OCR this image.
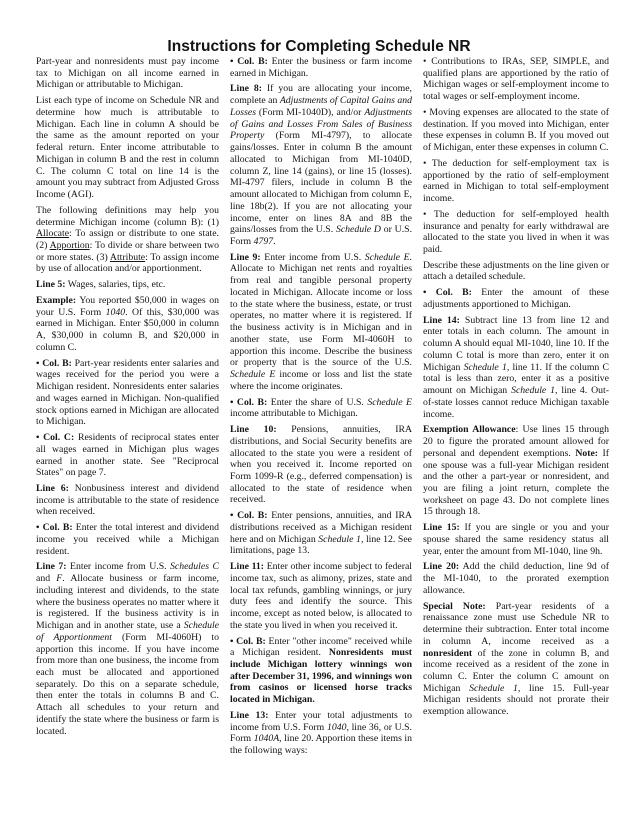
Instructions for Completing Schedule NR

Part-year and nonresidents must pay income tax to Michigan on all income earned in Michigan or attributable to Michigan.

List each type of income on Schedule NR and determine how much is attributable to Michigan. Each line in column A should be the same as the amount reported on your federal return. Enter income attributable to Michigan in column B and the rest in column C. The column C total on line 14 is the amount you may subtract from Adjusted Gross Income (AGI).

The following definitions may help you determine Michigan income (column B): (1) Allocate: To assign or distribute to one state. (2) Apportion: To divide or share between two or more states. (3) Attribute: To assign income by use of allocation and/or apportionment.

Line 5: Wages, salaries, tips, etc.

Example: You reported $50,000 in wages on your U.S. Form 1040. Of this, $30,000 was earned in Michigan. Enter $50,000 in column A, $30,000 in column B, and $20,000 in column C.

• Col. B: Part-year residents enter salaries and wages received for the period you were a Michigan resident. Nonresidents enter salaries and wages earned in Michigan. Non-qualified stock options earned in Michigan are allocated to Michigan.

• Col. C: Residents of reciprocal states enter all wages earned in Michigan plus wages earned in another state. See "Reciprocal States" on page 7.

Line 6: Nonbusiness interest and dividend income is attributable to the state of residence when received.

• Col. B: Enter the total interest and dividend income you received while a Michigan resident.

Line 7: Enter income from U.S. Schedules C and F. Allocate business or farm income, including interest and dividends, to the state where the business operates no matter where it is registered. If the business activity is in Michigan and in another state, use a Schedule of Apportionment (Form MI-4060H) to apportion this income. If you have income from more than one business, the income from each must be allocated and apportioned separately. Do this on a separate schedule, then enter the totals in columns B and C. Attach all schedules to your return and identify the state where the business or farm is located.

• Col. B: Enter the business or farm income earned in Michigan.

Line 8: If you are allocating your income, complete an Adjustments of Capital Gains and Losses (Form MI-1040D), and/or Adjustments of Gains and Losses From Sales of Business Property (Form MI-4797), to allocate gains/losses. Enter in column B the amount allocated to Michigan from MI-1040D, column Z, line 14 (gains), or line 15 (losses). MI-4797 filers, include in column B the amount allocated to Michigan from column E, line 18b(2). If you are not allocating your income, enter on lines 8A and 8B the gains/losses from the U.S. Schedule D or U.S. Form 4797.

Line 9: Enter income from U.S. Schedule E. Allocate to Michigan net rents and royalties from real and tangible personal property located in Michigan. Allocate income or loss to the state where the business, estate, or trust operates, no matter where it is registered. If the business activity is in Michigan and in another state, use Form MI-4060H to apportion this income. Describe the business or property that is the source of the U.S. Schedule E income or loss and list the state where the income originates.

• Col. B: Enter the share of U.S. Schedule E income attributable to Michigan.

Line 10: Pensions, annuities, IRA distributions, and Social Security benefits are allocated to the state you were a resident of when you received it. Income reported on Form 1099-R (e.g., deferred compensation) is allocated to the state of residence when received.

• Col. B: Enter pensions, annuities, and IRA distributions received as a Michigan resident here and on Michigan Schedule 1, line 12. See limitations, page 13.

Line 11: Enter other income subject to federal income tax, such as alimony, prizes, state and local tax refunds, gambling winnings, or jury duty fees and identify the source. This income, except as noted below, is allocated to the state you lived in when you received it.

• Col. B: Enter "other income" received while a Michigan resident. Nonresidents must include Michigan lottery winnings won after December 31, 1996, and winnings won from casinos or licensed horse tracks located in Michigan.

Line 13: Enter your total adjustments to income from U.S. Form 1040, line 36, or U.S. Form 1040A, line 20. Apportion these items in the following ways:

• Contributions to IRAs, SEP, SIMPLE, and qualified plans are apportioned by the ratio of Michigan wages or self-employment income to total wages or self-employment income.

• Moving expenses are allocated to the state of destination. If you moved into Michigan, enter these expenses in column B. If you moved out of Michigan, enter these expenses in column C.

• The deduction for self-employment tax is apportioned by the ratio of self-employment earned in Michigan to total self-employment income.

• The deduction for self-employed health insurance and penalty for early withdrawal are allocated to the state you lived in when it was paid.

Describe these adjustments on the line given or attach a detailed schedule.

• Col. B: Enter the amount of these adjustments apportioned to Michigan.

Line 14: Subtract line 13 from line 12 and enter totals in each column. The amount in column A should equal MI-1040, line 10. If the column C total is more than zero, enter it on Michigan Schedule 1, line 11. If the column C total is less than zero, enter it as a positive amount on Michigan Schedule 1, line 4. Out-of-state losses cannot reduce Michigan taxable income.

Exemption Allowance: Use lines 15 through 20 to figure the prorated amount allowed for personal and dependent exemptions. Note: If one spouse was a full-year Michigan resident and the other a part-year or nonresident, and you are filing a joint return, complete the worksheet on page 43. Do not complete lines 15 through 18.

Line 15: If you are single or you and your spouse shared the same residency status all year, enter the amount from MI-1040, line 9h.

Line 20: Add the child deduction, line 9d of the MI-1040, to the prorated exemption allowance.

Special Note: Part-year residents of a renaissance zone must use Schedule NR to determine their subtraction. Enter total income in column A, income received as a nonresident of the zone in column B, and income received as a resident of the zone in column C. Enter the column C amount on Michigan Schedule 1, line 15. Full-year Michigan residents should not prorate their exemption allowance.
